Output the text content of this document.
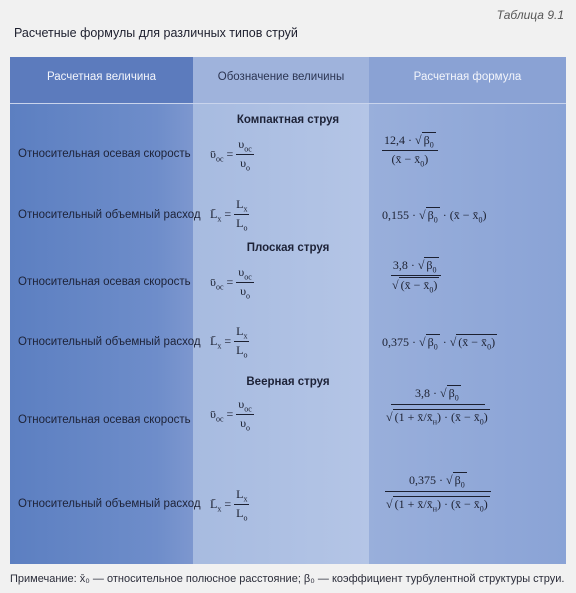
Таблица 9.1
Расчетные формулы для различных типов струй
Расчетная величина	Обозначение величины	Расчетная формула
Компактная струя
Относительная осевая скорость ῡ$_{oc}$ = $\frac{\upsilon_{oc}}{\upsilon_o}$	$\frac{12,4 \cdot √ \beta_0}{(x̄ - x̄_0)}$
Относительный объемный расход $L̄_x = \frac{L_x}{L_o}$	0,155 · √ $\beta_0$ · (x̄ − $x̄_0$)
Плоская струя
Относительная осевая скорость ῡ$_{oc}$ = $\frac{\upsilon_{oc}}{\upsilon_o}$	$\frac{3,8 \cdot √ \beta_0}{√ (x̄ - x̄_0)}$
Относительный объемный расход $L̄_x = \frac{L_x}{L_o}$	0,375 · √ $\beta_0$ · √ (x̄ − $x̄_0$)
Веерная струя
Относительная осевая скорость ῡ$_{oc}$ = $\frac{\upsilon_{oc}}{\upsilon_o}$	$\frac{3,8 \cdot √ \beta_0}{√ (1 + x̄/x̄_н) \cdot (x̄ - x̄_0)}$
Относительный объемный расход $L̄_x = \frac{L_x}{L_o}$	$\frac{0,375 \cdot √ \beta_0}{√ (1 + x̄/x̄_н) \cdot (x̄ - x̄_0)}$
Примечание: x̄₀ — относительное полюсное расстояние; β₀ — коэффициент турбулентной структуры струи.
